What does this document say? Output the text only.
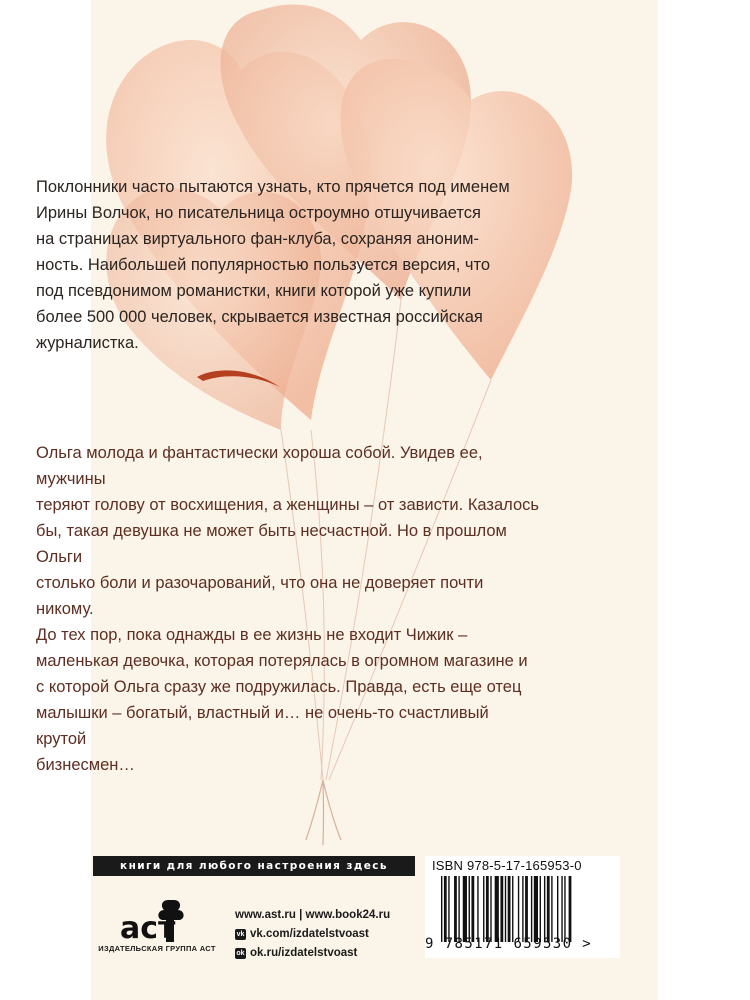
Поклонники часто пытаются узнать, кто прячется под именем

Ирины Волчок, но писательница остроумно отшучивается

на страницах виртуального фан-клуба, сохраняя аноним-

ность. Наибольшей популярностью пользуется версия, что

под псевдонимом романистки, книги которой уже купили

более 500 000 человек, скрывается известная российская

журналистка.

Ольга молода и фантастически хороша собой. Увидев ее, мужчины

теряют голову от восхищения, а женщины – от зависти. Казалось

бы, такая девушка не может быть несчастной. Но в прошлом Ольги

столько боли и разочарований, что она не доверяет почти никому.

До тех пор, пока однажды в ее жизнь не входит Чижик –

маленькая девочка, которая потерялась в огромном магазине и

с которой Ольга сразу же подружилась. Правда, есть еще отец

малышки – богатый, властный и… не очень-то счастливый крутой

бизнесмен…

книги для любого настроения здесь
аст
ИЗДАТЕЛЬСКАЯ ГРУППА АСТ
www.ast.ru | www.book24.ru
vk vk.com/izdatelstvoast
ok ok.ru/izdatelstvoast
ISBN 978-5-17-165953-0
9 785171 659530 >
